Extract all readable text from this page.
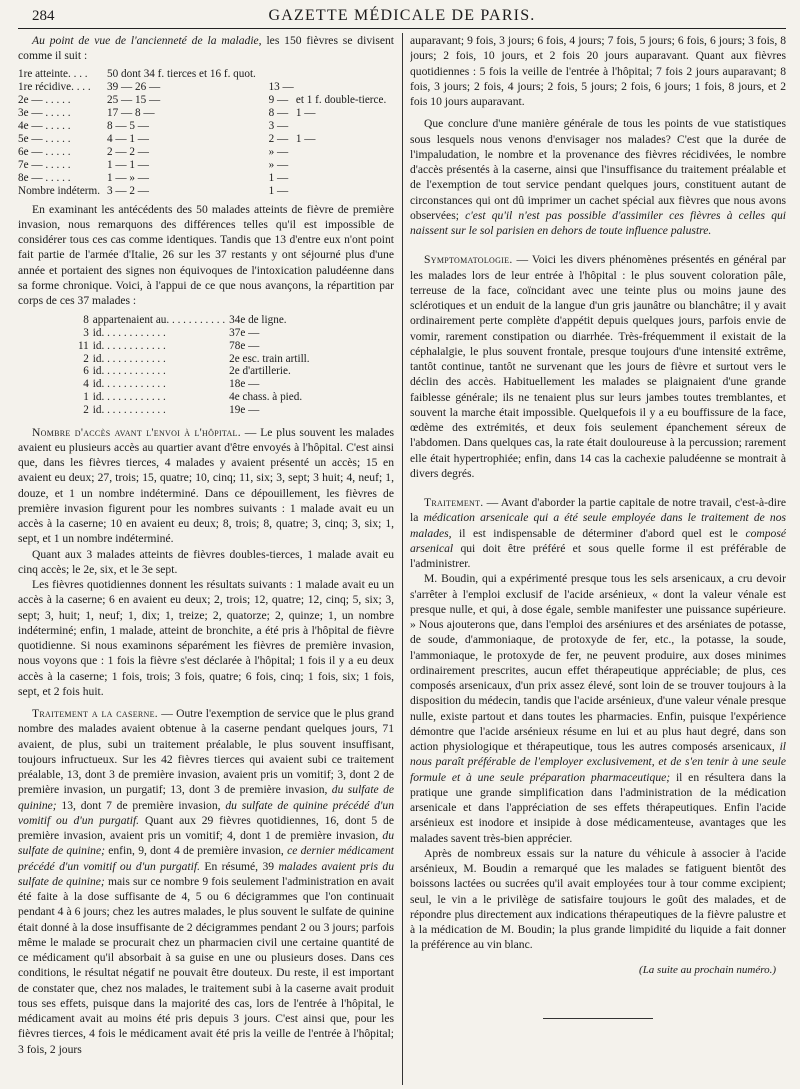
284	GAZETTE MÉDICALE DE PARIS.

Au point de vue de l'ancienneté de la maladie, les 150 fièvres se divisent comme il suit :

1re atteinte. . . .	50 dont 34 f. tierces et 16 f. quot.		
1re récidive. . . .	39 — 26 —	13 —	
2e — . . . . .	25 — 15 —	9 —	et 1 f. double-tierce.
3e — . . . . .	17 — 8 —	8 —	1 —
4e — . . . . .	8 — 5 —	3 —	
5e — . . . . .	4 — 1 —	2 —	1 —
6e — . . . . .	2 — 2 —	» —	
7e — . . . . .	1 — 1 —	» —	
8e — . . . . .	1 — » —	1 —	
Nombre indéterm.	3 — 2 —	1 —	

En examinant les antécédents des 50 malades atteints de fièvre de première invasion, nous remarquons des différences telles qu'il est impossible de considérer tous ces cas comme identiques. Tandis que 13 d'entre eux n'ont point fait partie de l'armée d'Italie, 26 sur les 37 restants y ont séjourné plus d'une année et portaient des signes non équivoques de l'intoxication paludéenne dans sa forme chronique. Voici, à l'appui de ce que nous avançons, la répartition par corps de ces 37 malades :

8	appartenaient au. . . . . . . . . . .	34e de ligne.
3	id. . . . . . . . . . . .	37e —
11	id. . . . . . . . . . . .	78e —
2	id. . . . . . . . . . . .	2e esc. train artill.
6	id. . . . . . . . . . . .	2e d'artillerie.
4	id. . . . . . . . . . . .	18e —
1	id. . . . . . . . . . . .	4e chass. à pied.
2	id. . . . . . . . . . . .	19e —

Nombre d'accès avant l'envoi à l'hôpital. — Le plus souvent les malades avaient eu plusieurs accès au quartier avant d'être envoyés à l'hôpital. C'est ainsi que, dans les fièvres tierces, 4 malades y avaient présenté un accès; 15 en avaient eu deux; 27, trois; 15, quatre; 10, cinq; 11, six; 3, sept; 3 huit; 4, neuf; 1, douze, et 1 un nombre indéterminé. Dans ce dépouillement, les fièvres de première invasion figurent pour les nombres suivants : 1 malade avait eu un accès à la caserne; 10 en avaient eu deux; 8, trois; 8, quatre; 3, cinq; 3, six; 1, sept, et 1 un nombre indéterminé.

Quant aux 3 malades atteints de fièvres doubles-tierces, 1 malade avait eu cinq accès; le 2e, six, et le 3e sept.

Les fièvres quotidiennes donnent les résultats suivants : 1 malade avait eu un accès à la caserne; 6 en avaient eu deux; 2, trois; 12, quatre; 12, cinq; 5, six; 3, sept; 3, huit; 1, neuf; 1, dix; 1, treize; 2, quatorze; 2, quinze; 1, un nombre indéterminé; enfin, 1 malade, atteint de bronchite, a été pris à l'hôpital de fièvre quotidienne. Si nous examinons séparément les fièvres de première invasion, nous voyons que : 1 fois la fièvre s'est déclarée à l'hôpital; 1 fois il y a eu deux accès à la caserne; 1 fois, trois; 3 fois, quatre; 6 fois, cinq; 1 fois, six; 1 fois, sept, et 2 fois huit.

Traitement a la caserne. — Outre l'exemption de service que le plus grand nombre des malades avaient obtenue à la caserne pendant quelques jours, 71 avaient, de plus, subi un traitement préalable, le plus souvent insuffisant, toujours infructueux. Sur les 42 fièvres tierces qui avaient subi ce traitement préalable, 13, dont 3 de première invasion, avaient pris un vomitif; 3, dont 2 de première invasion, un purgatif; 13, dont 3 de première invasion, du sulfate de quinine; 13, dont 7 de première invasion, du sulfate de quinine précédé d'un vomitif ou d'un purgatif. Quant aux 29 fièvres quotidiennes, 16, dont 5 de première invasion, avaient pris un vomitif; 4, dont 1 de première invasion, du sulfate de quinine; enfin, 9, dont 4 de première invasion, ce dernier médicament précédé d'un vomitif ou d'un purgatif. En résumé, 39 malades avaient pris du sulfate de quinine; mais sur ce nombre 9 fois seulement l'administration en avait été faite à la dose suffisante de 4, 5 ou 6 décigrammes que l'on continuait pendant 4 à 6 jours; chez les autres malades, le plus souvent le sulfate de quinine était donné à la dose insuffisante de 2 décigrammes pendant 2 ou 3 jours; parfois même le malade se procurait chez un pharmacien civil une certaine quantité de ce médicament qu'il absorbait à sa guise en une ou plusieurs doses. Dans ces conditions, le résultat négatif ne pouvait être douteux. Du reste, il est important de constater que, chez nos malades, le traitement subi à la caserne avait produit tous ses effets, puisque dans la majorité des cas, lors de l'entrée à l'hôpital, le médicament avait au moins été pris depuis 3 jours. C'est ainsi que, pour les fièvres tierces, 4 fois le médicament avait été pris la veille de l'entrée à l'hôpital; 3 fois, 2 jours

auparavant; 9 fois, 3 jours; 6 fois, 4 jours; 7 fois, 5 jours; 6 fois, 6 jours; 3 fois, 8 jours; 2 fois, 10 jours, et 2 fois 20 jours auparavant. Quant aux fièvres quotidiennes : 5 fois la veille de l'entrée à l'hôpital; 7 fois 2 jours auparavant; 8 fois, 3 jours; 2 fois, 4 jours; 2 fois, 5 jours; 2 fois, 6 jours; 1 fois, 8 jours, et 2 fois 10 jours auparavant.

Que conclure d'une manière générale de tous les points de vue statistiques sous lesquels nous venons d'envisager nos malades? C'est que la durée de l'impaludation, le nombre et la provenance des fièvres récidivées, le nombre d'accès présentés à la caserne, ainsi que l'insuffisance du traitement préalable et de l'exemption de tout service pendant quelques jours, constituent autant de circonstances qui ont dû imprimer un cachet spécial aux fièvres que nous avons observées; c'est qu'il n'est pas possible d'assimiler ces fièvres à celles qui naissent sur le sol parisien en dehors de toute influence palustre.

Symptomatologie. — Voici les divers phénomènes présentés en général par les malades lors de leur entrée à l'hôpital : le plus souvent coloration pâle, terreuse de la face, coïncidant avec une teinte plus ou moins jaune des sclérotiques et un enduit de la langue d'un gris jaunâtre ou blanchâtre; il y avait ordinairement perte complète d'appétit depuis quelques jours, parfois envie de vomir, rarement constipation ou diarrhée. Très-fréquemment il existait de la céphalalgie, le plus souvent frontale, presque toujours d'une intensité extrême, tantôt continue, tantôt ne survenant que les jours de fièvre et surtout vers le déclin des accès. Habituellement les malades se plaignaient d'une grande faiblesse générale; ils ne tenaient plus sur leurs jambes toutes tremblantes, et souvent la marche était impossible. Quelquefois il y a eu bouffissure de la face, œdème des extrémités, et deux fois seulement épanchement séreux de l'abdomen. Dans quelques cas, la rate était douloureuse à la percussion; rarement elle était hypertrophiée; enfin, dans 14 cas la cachexie paludéenne se montrait à divers degrés.

Traitement. — Avant d'aborder la partie capitale de notre travail, c'est-à-dire la médication arsenicale qui a été seule employée dans le traitement de nos malades, il est indispensable de déterminer d'abord quel est le composé arsenical qui doit être préféré et sous quelle forme il est préférable de l'administrer.

M. Boudin, qui a expérimenté presque tous les sels arsenicaux, a cru devoir s'arrêter à l'emploi exclusif de l'acide arsénieux, « dont la valeur vénale est presque nulle, et qui, à dose égale, semble manifester une puissance supérieure. » Nous ajouterons que, dans l'emploi des arséniures et des arséniates de potasse, de soude, d'ammoniaque, de protoxyde de fer, etc., la potasse, la soude, l'ammoniaque, le protoxyde de fer, ne peuvent produire, aux doses minimes ordinairement prescrites, aucun effet thérapeutique appréciable; de plus, ces composés arsenicaux, d'un prix assez élevé, sont loin de se trouver toujours à la disposition du médecin, tandis que l'acide arsénieux, d'une valeur vénale presque nulle, existe partout et dans toutes les pharmacies. Enfin, puisque l'expérience démontre que l'acide arsénieux résume en lui et au plus haut degré, dans son action physiologique et thérapeutique, tous les autres composés arsenicaux, il nous paraît préférable de l'employer exclusivement, et de s'en tenir à une seule formule et à une seule préparation pharmaceutique; il en résultera dans la pratique une grande simplification dans l'administration de la médication arsenicale et dans l'appréciation de ses effets thérapeutiques. Enfin l'acide arsénieux est inodore et insipide à dose médicamenteuse, avantages que les malades savent très-bien apprécier.

Après de nombreux essais sur la nature du véhicule à associer à l'acide arsénieux, M. Boudin a remarqué que les malades se fatiguent bientôt des boissons lactées ou sucrées qu'il avait employées tour à tour comme excipient; seul, le vin a le privilège de satisfaire toujours le goût des malades, et de répondre plus directement aux indications thérapeutiques de la fièvre palustre et à la médication de M. Boudin; la plus grande limpidité du liquide a fait donner la préférence au vin blanc.

(La suite au prochain numéro.)
